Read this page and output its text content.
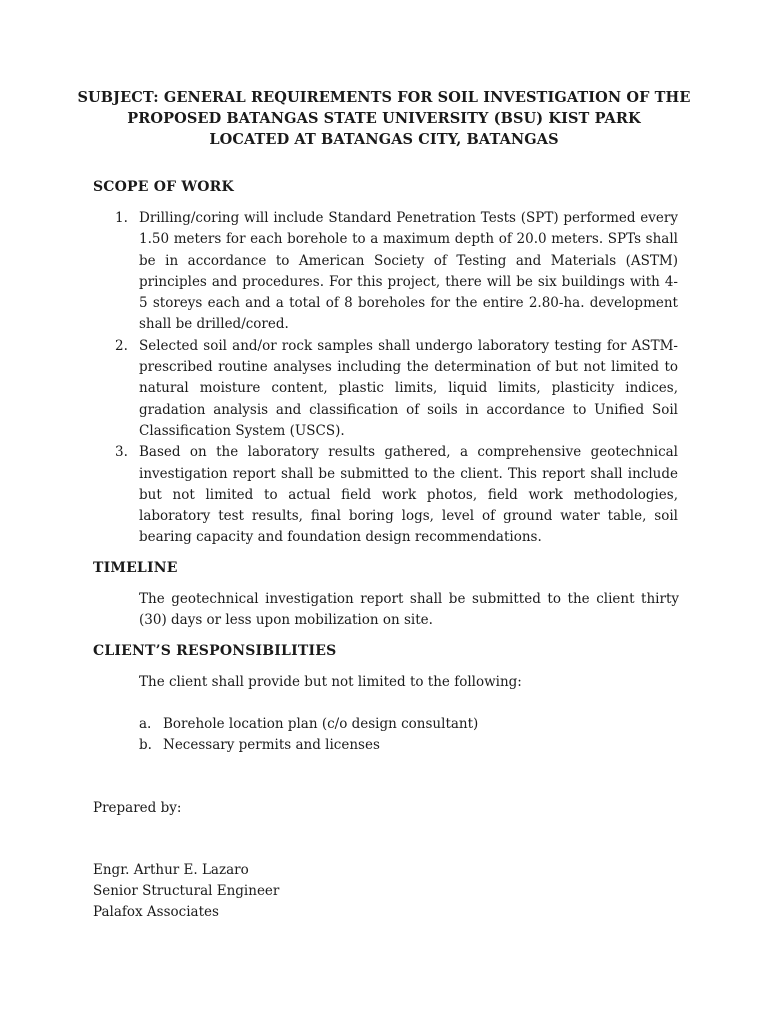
SUBJECT: GENERAL REQUIREMENTS FOR SOIL INVESTIGATION OF THE
PROPOSED BATANGAS STATE UNIVERSITY (BSU) KIST PARK
LOCATED AT BATANGAS CITY, BATANGAS
SCOPE OF WORK
1. Drilling/coring will include Standard Penetration Tests (SPT) performed every 1.50 meters for each borehole to a maximum depth of 20.0 meters. SPTs shall be in accordance to American Society of Testing and Materials (ASTM) principles and procedures. For this project, there will be six buildings with 4-5 storeys each and a total of 8 boreholes for the entire 2.80-ha. development shall be drilled/cored.
2. Selected soil and/or rock samples shall undergo laboratory testing for ASTM-prescribed routine analyses including the determination of but not limited to natural moisture content, plastic limits, liquid limits, plasticity indices, gradation analysis and classification of soils in accordance to Unified Soil Classification System (USCS).
3. Based on the laboratory results gathered, a comprehensive geotechnical investigation report shall be submitted to the client. This report shall include but not limited to actual field work photos, field work methodologies, laboratory test results, final boring logs, level of ground water table, soil bearing capacity and foundation design recommendations.
TIMELINE
The geotechnical investigation report shall be submitted to the client thirty (30) days or less upon mobilization on site.
CLIENT’S RESPONSIBILITIES
The client shall provide but not limited to the following:
a. Borehole location plan (c/o design consultant)
b. Necessary permits and licenses
Prepared by:
Engr. Arthur E. Lazaro
Senior Structural Engineer
Palafox Associates
